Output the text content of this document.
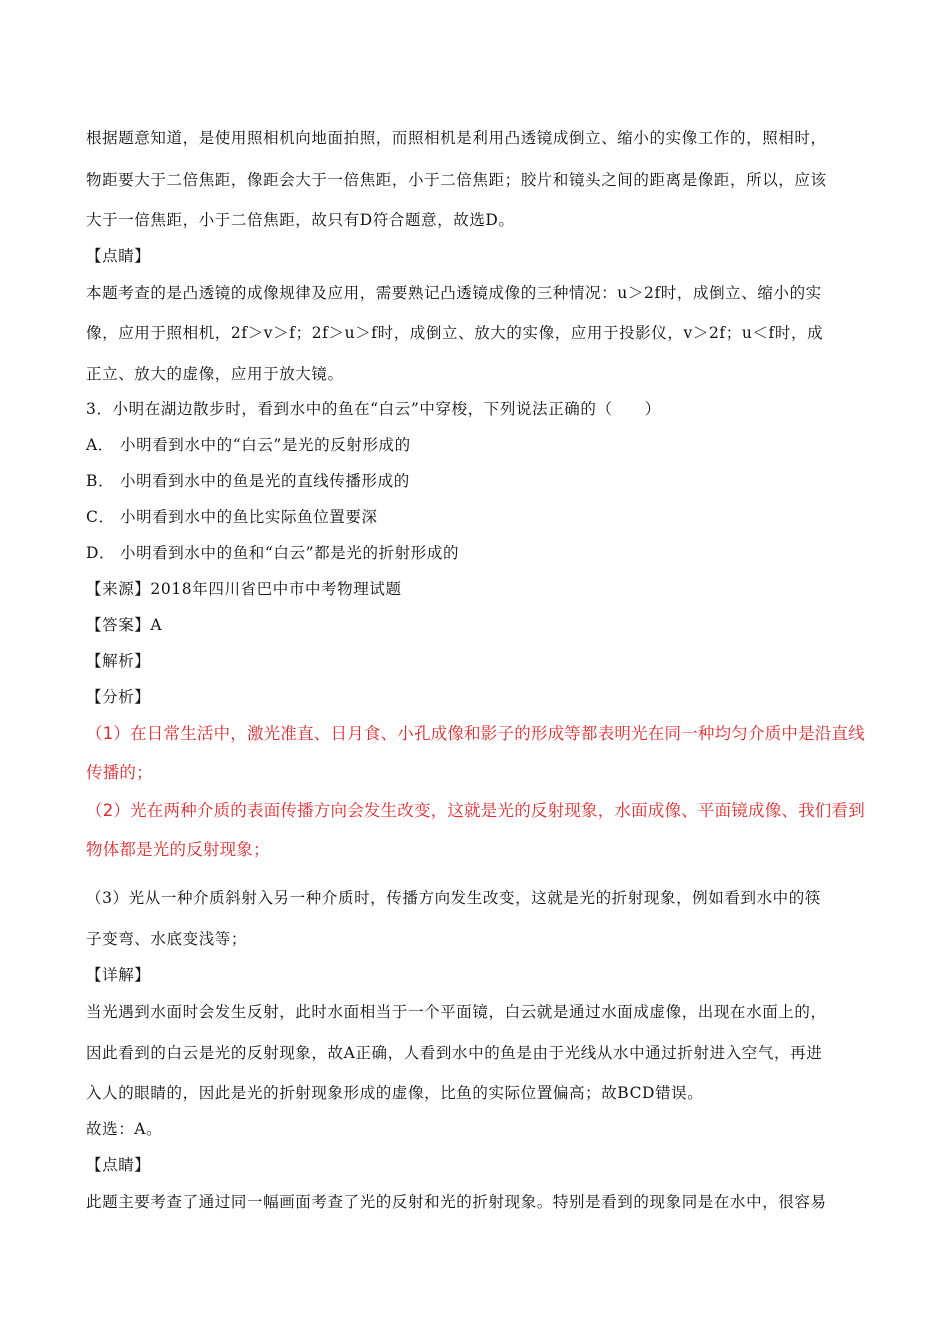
根据题意知道，是使用照相机向地面拍照，而照相机是利用凸透镜成倒立、缩小的实像工作的，照相时，
物距要大于二倍焦距，像距会大于一倍焦距，小于二倍焦距；胶片和镜头之间的距离是像距，所以，应该
大于一倍焦距，小于二倍焦距，故只有D符合题意，故选D。
【点睛】
本题考查的是凸透镜的成像规律及应用，需要熟记凸透镜成像的三种情况：u＞2f时，成倒立、缩小的实
像，应用于照相机，2f＞v＞f；2f＞u＞f时，成倒立、放大的实像，应用于投影仪，v＞2f；u＜f时，成
正立、放大的虚像，应用于放大镜。
3．小明在湖边散步时，看到水中的鱼在“白云”中穿梭，下列说法正确的（　　）
A． 小明看到水中的“白云”是光的反射形成的
B． 小明看到水中的鱼是光的直线传播形成的
C． 小明看到水中的鱼比实际鱼位置要深
D． 小明看到水中的鱼和“白云”都是光的折射形成的
【来源】2018年四川省巴中市中考物理试题
【答案】A
【解析】
【分析】
（1）在日常生活中，激光准直、日月食、小孔成像和影子的形成等都表明光在同一种均匀介质中是沿直线
传播的；
（2）光在两种介质的表面传播方向会发生改变，这就是光的反射现象，水面成像、平面镜成像、我们看到
物体都是光的反射现象；
（3）光从一种介质斜射入另一种介质时，传播方向发生改变，这就是光的折射现象，例如看到水中的筷
子变弯、水底变浅等；
【详解】
当光遇到水面时会发生反射，此时水面相当于一个平面镜，白云就是通过水面成虚像，出现在水面上的，
因此看到的白云是光的反射现象，故A正确，人看到水中的鱼是由于光线从水中通过折射进入空气，再进
入人的眼睛的，因此是光的折射现象形成的虚像，比鱼的实际位置偏高；故BCD错误。
故选：A。
【点睛】
此题主要考查了通过同一幅画面考查了光的反射和光的折射现象。特别是看到的现象同是在水中，很容易
